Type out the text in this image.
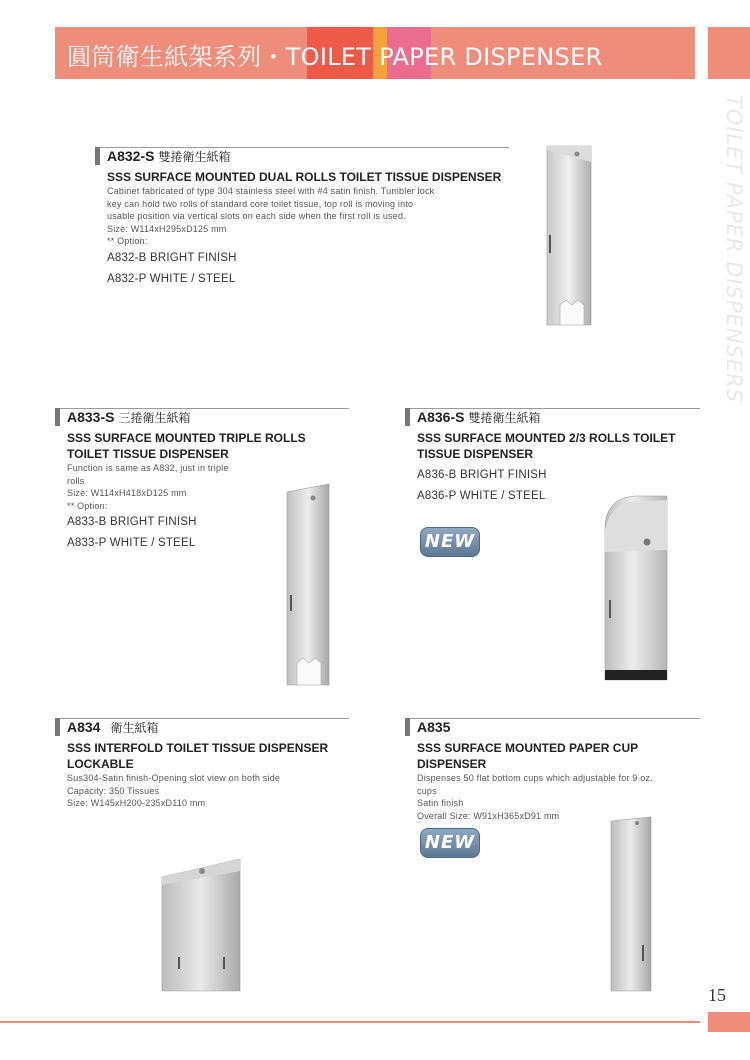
圓筒衛生紙架系列・TOILET PAPER DISPENSER
TOILET PAPER DISPENSERS
A832-S 雙捲衛生紙箱
SSS SURFACE MOUNTED DUAL ROLLS TOILET TISSUE DISPENSER
Cabinet fabricated of type 304 stainless steel with #4 satin finish. Tumbler lock
key can hold two rolls of standard core toilet tissue, top roll is moving into
usable position via vertical slots on each side when the first roll is used.
Size: W114xH295xD125 mm
** Option:
A832-B BRIGHT FINISH
A832-P WHITE / STEEL
A833-S 三捲衛生紙箱
SSS SURFACE MOUNTED TRIPLE ROLLS
TOILET TISSUE DISPENSER
Function is same as A832, just in triple
rolls
Size: W114xH418xD125 mm
** Option:
A833-B BRIGHT FINISH
A833-P WHITE / STEEL
A836-S 雙捲衛生紙箱
SSS SURFACE MOUNTED 2/3 ROLLS TOILET
TISSUE DISPENSER
A836-B BRIGHT FINISH
A836-P WHITE / STEEL
NEW
A834 衛生紙箱
SSS INTERFOLD TOILET TISSUE DISPENSER
LOCKABLE
Sus304-Satin finish-Opening slot view on both side
Capacity: 350 Tissues
Size: W145xH200-235xD110 mm
A835
SSS SURFACE MOUNTED PAPER CUP DISPENSER
Dispenses 50 flat bottom cups which adjustable for 9 oz.
cups
Satin finish
Overall Size: W91xH365xD91 mm
NEW
15
